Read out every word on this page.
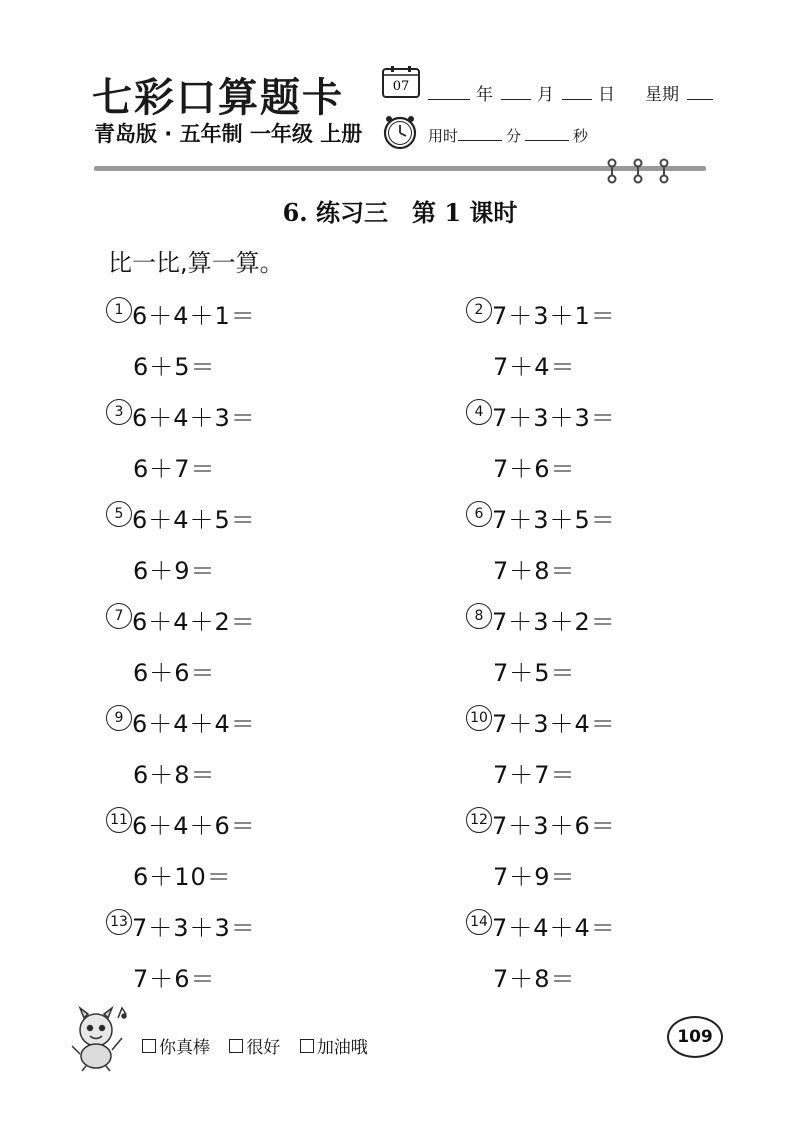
七彩口算题卡	07	年	月	日 星期
青岛版 · 五年制 一年级 上册	用时	分	秒
6. 练习三　第 1 课时
比一比,算一算。
1 6＋4＋1＝
6＋5＝
3 6＋4＋3＝
6＋7＝
5 6＋4＋5＝
6＋9＝
7 6＋4＋2＝
6＋6＝
9 6＋4＋4＝
6＋8＝
11 6＋4＋6＝
6＋10＝
13 7＋3＋3＝
7＋6＝
2 7＋3＋1＝
7＋4＝
4 7＋3＋3＝
7＋6＝
6 7＋3＋5＝
7＋8＝
8 7＋3＋2＝
7＋5＝
10 7＋3＋4＝
7＋7＝
12 7＋3＋6＝
7＋9＝
14 7＋4＋4＝
7＋8＝
你真棒
很好
加油哦
109
